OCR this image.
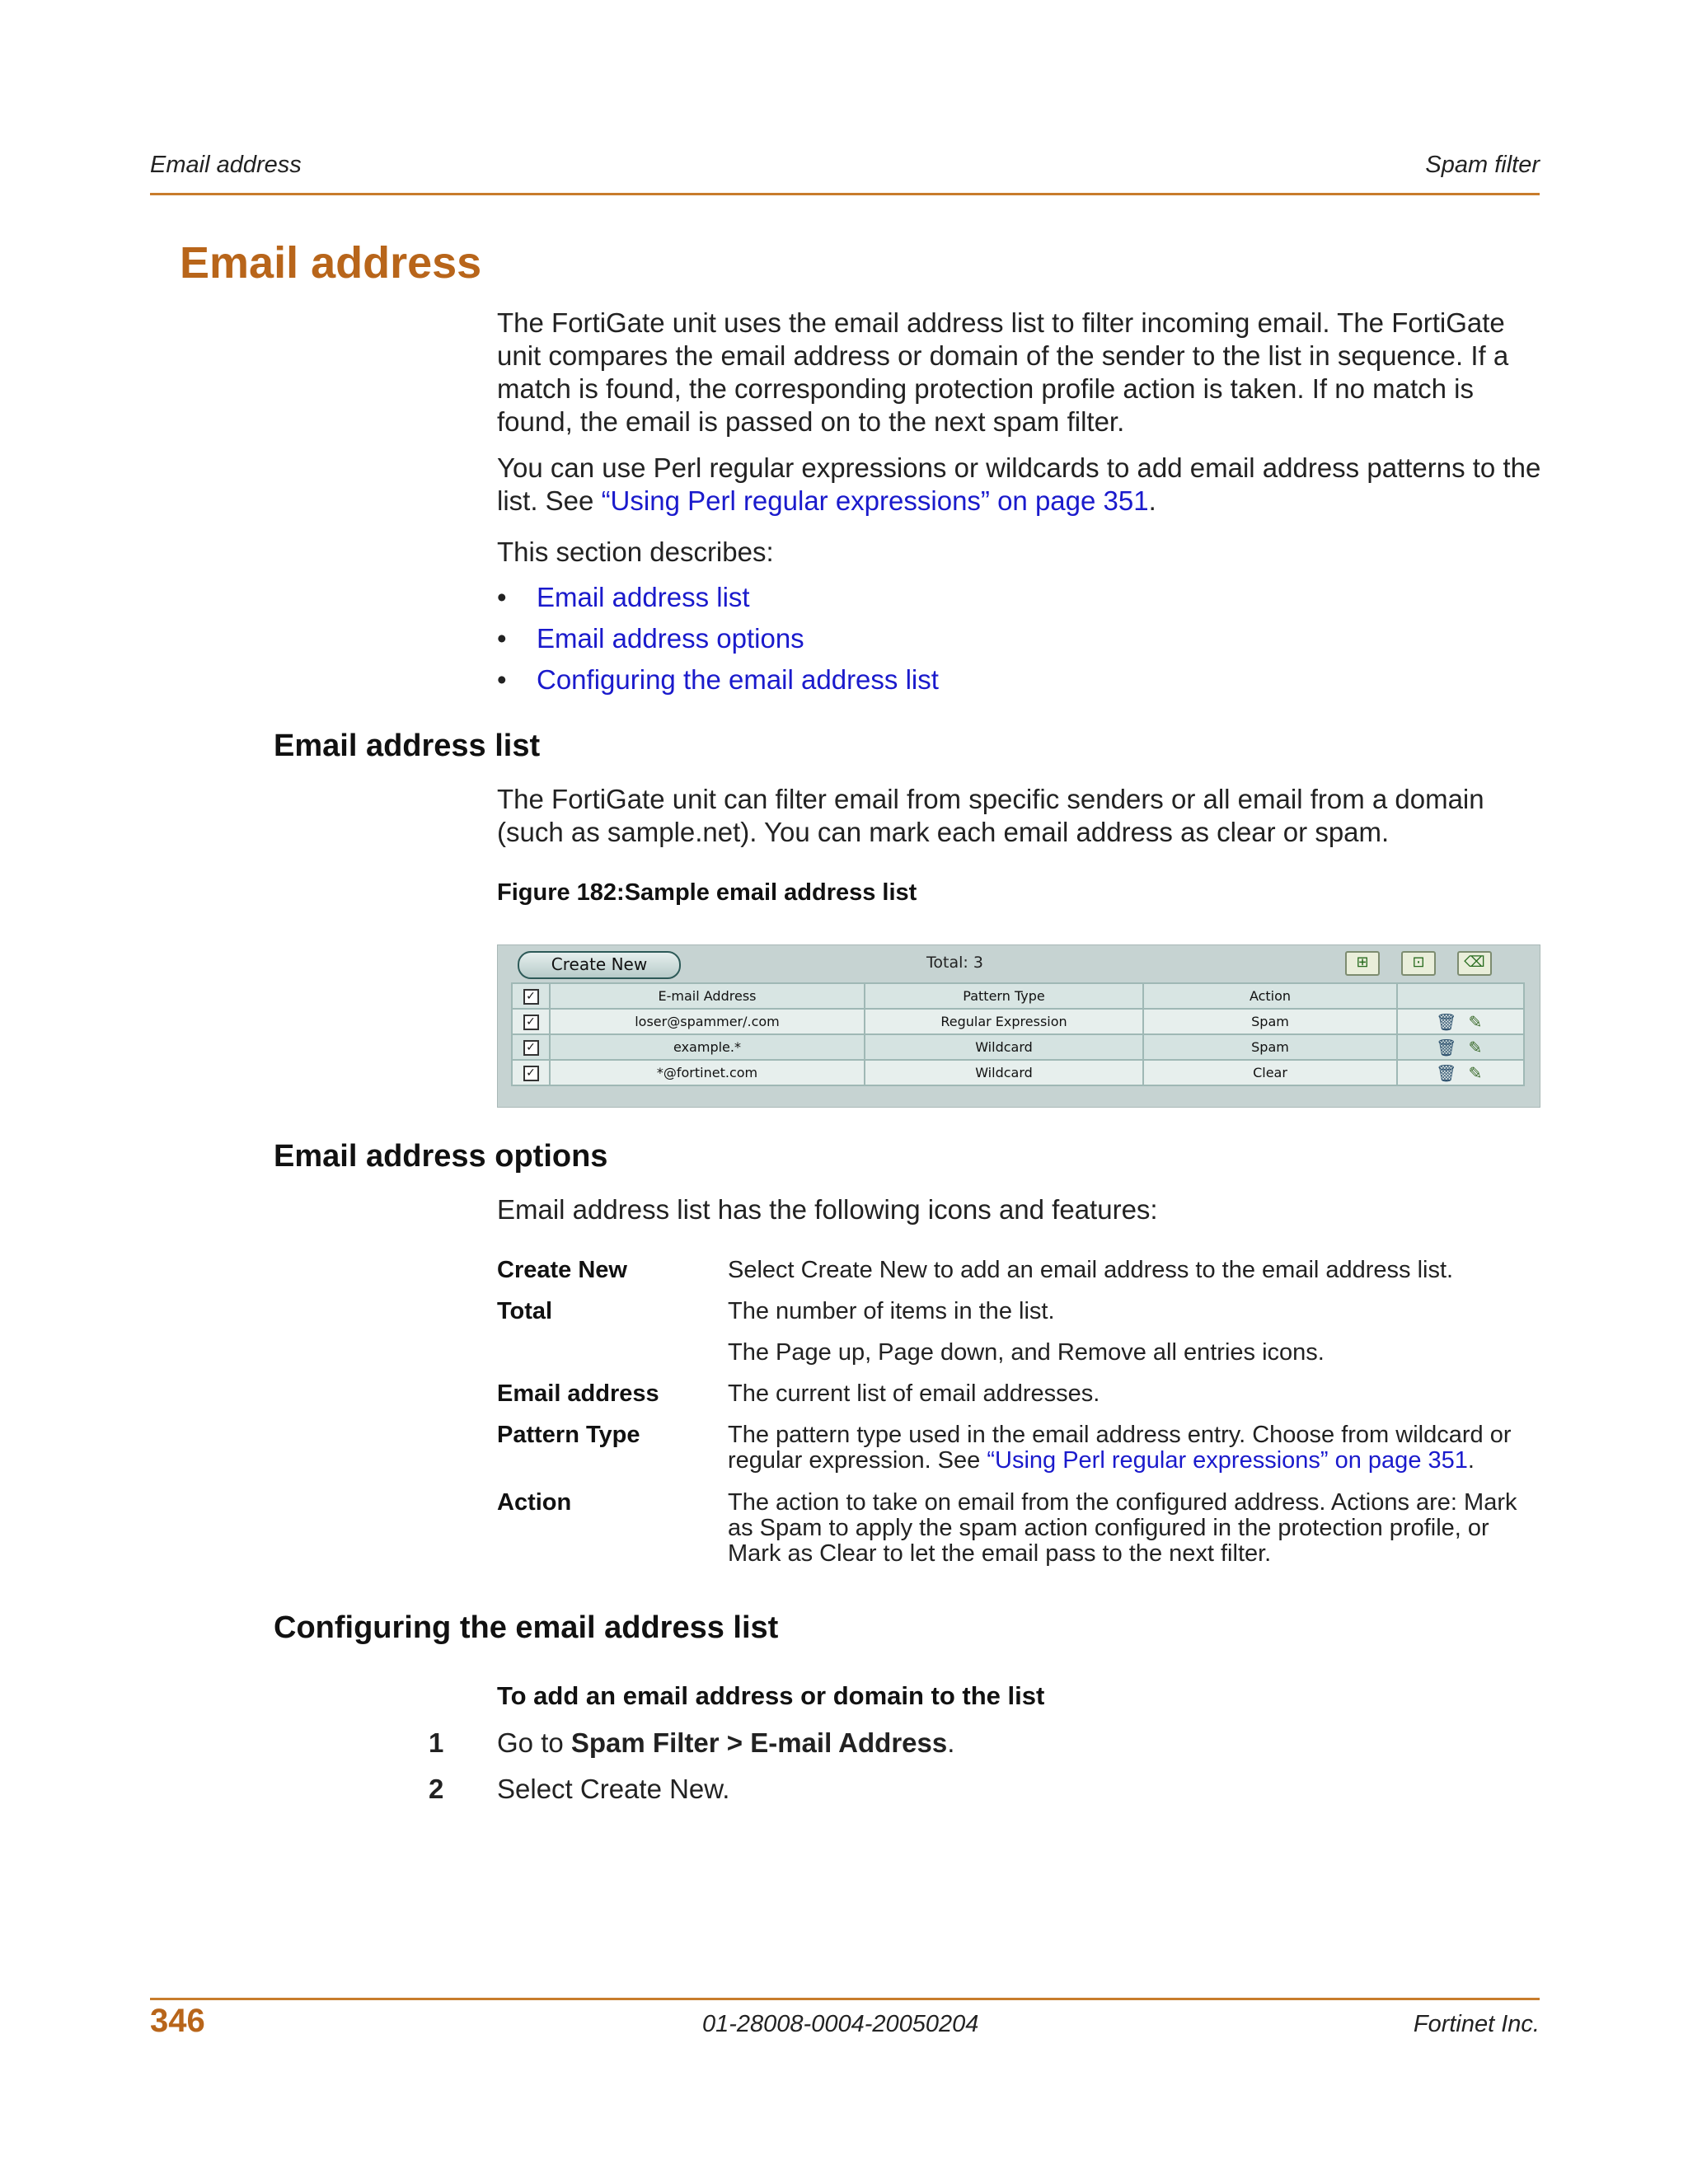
Email address	Spam filter
Email address

The FortiGate unit uses the email address list to filter incoming email. The FortiGate unit compares the email address or domain of the sender to the list in sequence. If a match is found, the corresponding protection profile action is taken. If no match is found, the email is passed on to the next spam filter.

You can use Perl regular expressions or wildcards to add email address patterns to the list. See “Using Perl regular expressions” on page 351.

This section describes:

• Email address list
• Email address options
• Configuring the email address list
Email address list

The FortiGate unit can filter email from specific senders or all email from a domain (such as sample.net). You can mark each email address as clear or spam.

Figure 182:Sample email address list

Create New	Total: 3	⊞	⊡	⌫
✓	E-mail Address	Pattern Type	Action	
✓	loser@spammer/.com	Regular Expression	Spam	🗑 ✎
✓	example.*	Wildcard	Spam	🗑 ✎
✓	*@fortinet.com	Wildcard	Clear	🗑 ✎
Email address options

Email address list has the following icons and features:

Create New	Select Create New to add an email address to the email address list.
Total	The number of items in the list.
The Page up, Page down, and Remove all entries icons.
Email address	The current list of email addresses.
Pattern Type	The pattern type used in the email address entry. Choose from wildcard or regular expression. See “Using Perl regular expressions” on page 351.
Action	The action to take on email from the configured address. Actions are: Mark as Spam to apply the spam action configured in the protection profile, or Mark as Clear to let the email pass to the next filter.
Configuring the email address list

To add an email address or domain to the list

1 Go to Spam Filter > E-mail Address.
2 Select Create New.
346	01-28008-0004-20050204	Fortinet Inc.
